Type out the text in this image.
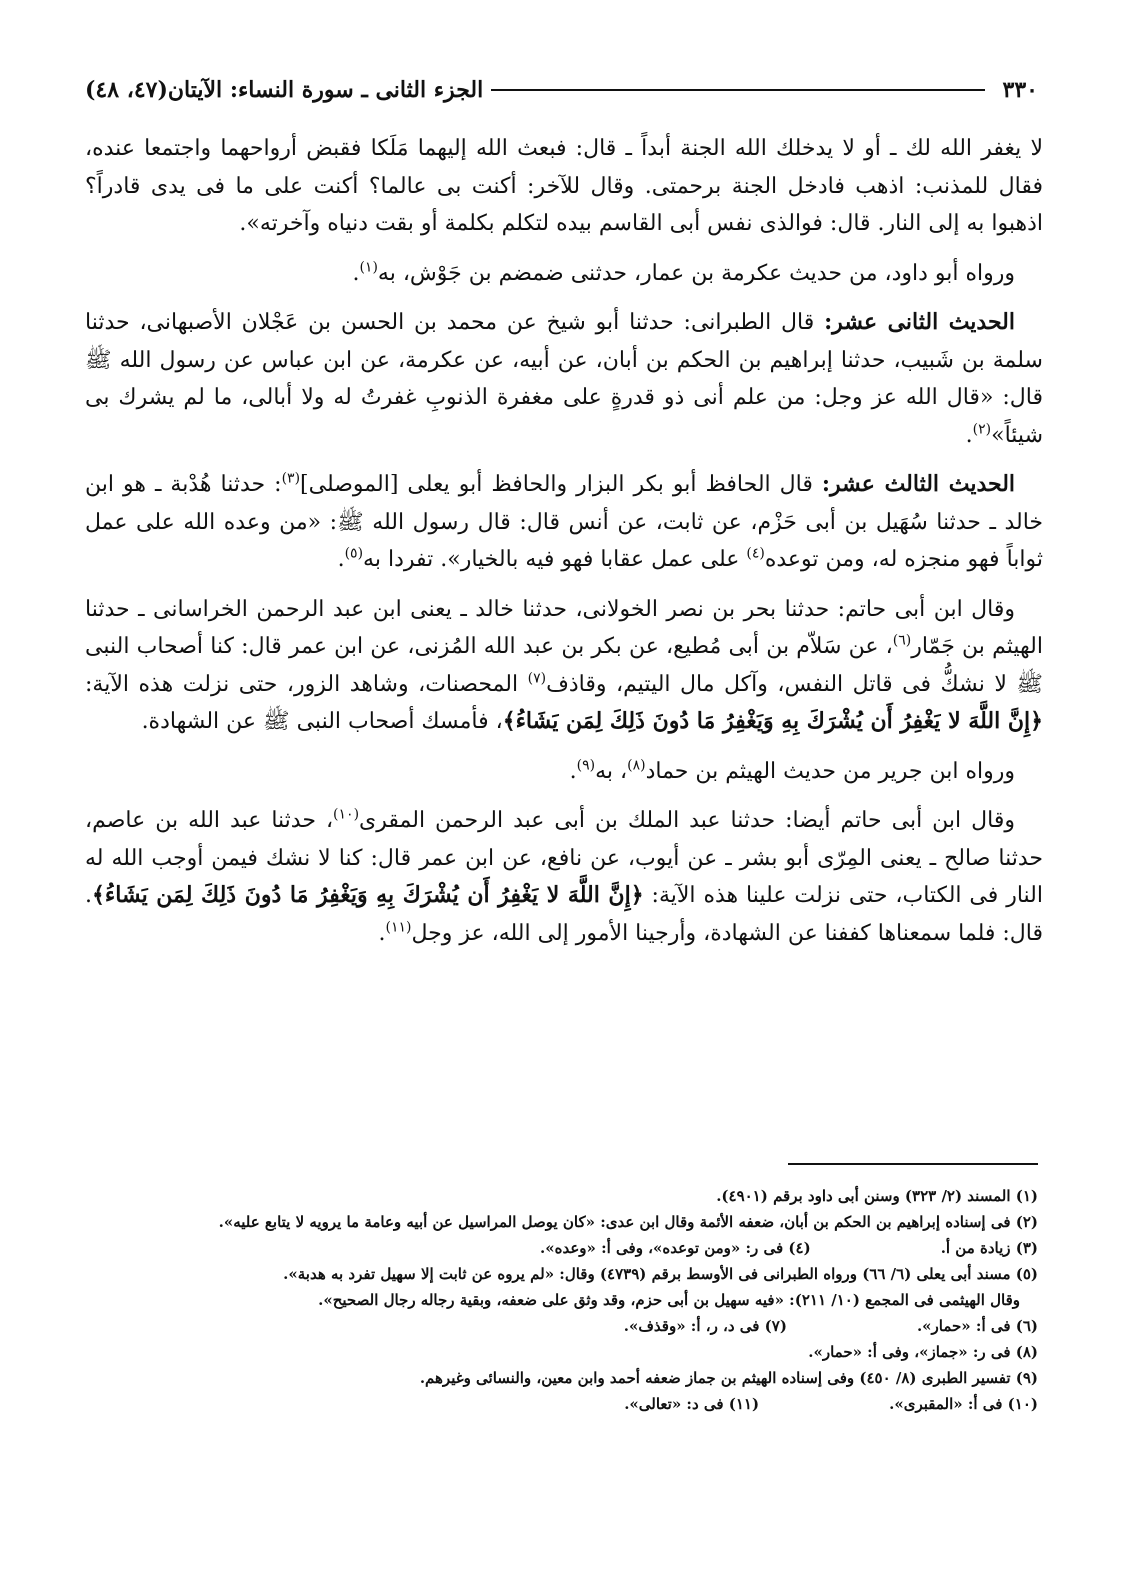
٣٣٠
الجزء الثانى ـ سورة النساء: الآيتان(٤٧، ٤٨)

لا يغفر الله لك ـ أو لا يدخلك الله الجنة أبداً ـ قال: فبعث الله إليهما مَلَكا فقبض أرواحهما واجتمعا عنده، فقال للمذنب: اذهب فادخل الجنة برحمتى. وقال للآخر: أكنت بى عالما؟ أكنت على ما فى يدى قادراً؟ اذهبوا به إلى النار. قال: فوالذى نفس أبى القاسم بيده لتكلم بكلمة أو بقت دنياه وآخرته».

ورواه أبو داود، من حديث عكرمة بن عمار، حدثنى ضمضم بن جَوْش، به$^{(١)}$.

الحديث الثانى عشر: قال الطبرانى: حدثنا أبو شيخ عن محمد بن الحسن بن عَجْلان الأصبهانى، حدثنا سلمة بن شَبيب، حدثنا إبراهيم بن الحكم بن أبان، عن أبيه، عن عكرمة، عن ابن عباس عن رسول الله ﷺ قال: «قال الله عز وجل: من علم أنى ذو قدرةٍ على مغفرة الذنوبِ غفرتُ له ولا أبالى، ما لم يشرك بى شيئاً»$^{(٢)}$.

الحديث الثالث عشر: قال الحافظ أبو بكر البزار والحافظ أبو يعلى [الموصلى]$^{(٣)}$: حدثنا هُدْبة ـ هو ابن خالد ـ حدثنا سُهَيل بن أبى حَزْم، عن ثابت، عن أنس قال: قال رسول الله ﷺ: «من وعده الله على عمل ثواباً فهو منجزه له، ومن توعده$^{(٤)}$ على عمل عقابا فهو فيه بالخيار». تفردا به$^{(٥)}$.

وقال ابن أبى حاتم: حدثنا بحر بن نصر الخولانى، حدثنا خالد ـ يعنى ابن عبد الرحمن الخراسانى ـ حدثنا الهيثم بن جَمّار$^{(٦)}$، عن سَلاّم بن أبى مُطيع، عن بكر بن عبد الله المُزنى، عن ابن عمر قال: كنا أصحاب النبى ﷺ لا نشكُّ فى قاتل النفس، وآكل مال اليتيم، وقاذف$^{(٧)}$ المحصنات، وشاهد الزور، حتى نزلت هذه الآية: ﴿إِنَّ اللَّهَ لا يَغْفِرُ أَن يُشْرَكَ بِهِ وَيَغْفِرُ مَا دُونَ ذَلِكَ لِمَن يَشَاءُ﴾، فأمسك أصحاب النبى ﷺ عن الشهادة.

ورواه ابن جرير من حديث الهيثم بن حماد$^{(٨)}$، به$^{(٩)}$.

وقال ابن أبى حاتم أيضا: حدثنا عبد الملك بن أبى عبد الرحمن المقرى$^{(١٠)}$، حدثنا عبد الله بن عاصم، حدثنا صالح ـ يعنى المِرّى أبو بشر ـ عن أيوب، عن نافع، عن ابن عمر قال: كنا لا نشك فيمن أوجب الله له النار فى الكتاب، حتى نزلت علينا هذه الآية: ﴿إِنَّ اللَّهَ لا يَغْفِرُ أَن يُشْرَكَ بِهِ وَيَغْفِرُ مَا دُونَ ذَلِكَ لِمَن يَشَاءُ﴾. قال: فلما سمعناها كففنا عن الشهادة، وأرجينا الأمور إلى الله، عز وجل$^{(١١)}$.

(١) المسند (٢/ ٣٢٣) وسنن أبى داود برقم (٤٩٠١).

(٢) فى إسناده إبراهيم بن الحكم بن أبان، ضعفه الأئمة وقال ابن عدى: «كان يوصل المراسيل عن أبيه وعامة ما يرويه لا يتابع عليه».

(٣) زيادة من أ.

(٤) فى ر: «ومن توعده»، وفى أ: «وعده».

(٥) مسند أبى يعلى (٦/ ٦٦) ورواه الطبرانى فى الأوسط برقم (٤٧٣٩) وقال: «لم يروه عن ثابت إلا سهيل تفرد به هدبة».

وقال الهيثمى فى المجمع (١٠/ ٢١١): «فيه سهيل بن أبى حزم، وقد وثق على ضعفه، وبقية رجاله رجال الصحيح».

(٦) فى أ: «حمار».

(٧) فى د، ر، أ: «وقذف».

(٨) فى ر: «جماز»، وفى أ: «حمار».

(٩) تفسير الطبرى (٨/ ٤٥٠) وفى إسناده الهيثم بن جماز ضعفه أحمد وابن معين، والنسائى وغيرهم.

(١٠) فى أ: «المقبرى».

(١١) فى د: «تعالى».
